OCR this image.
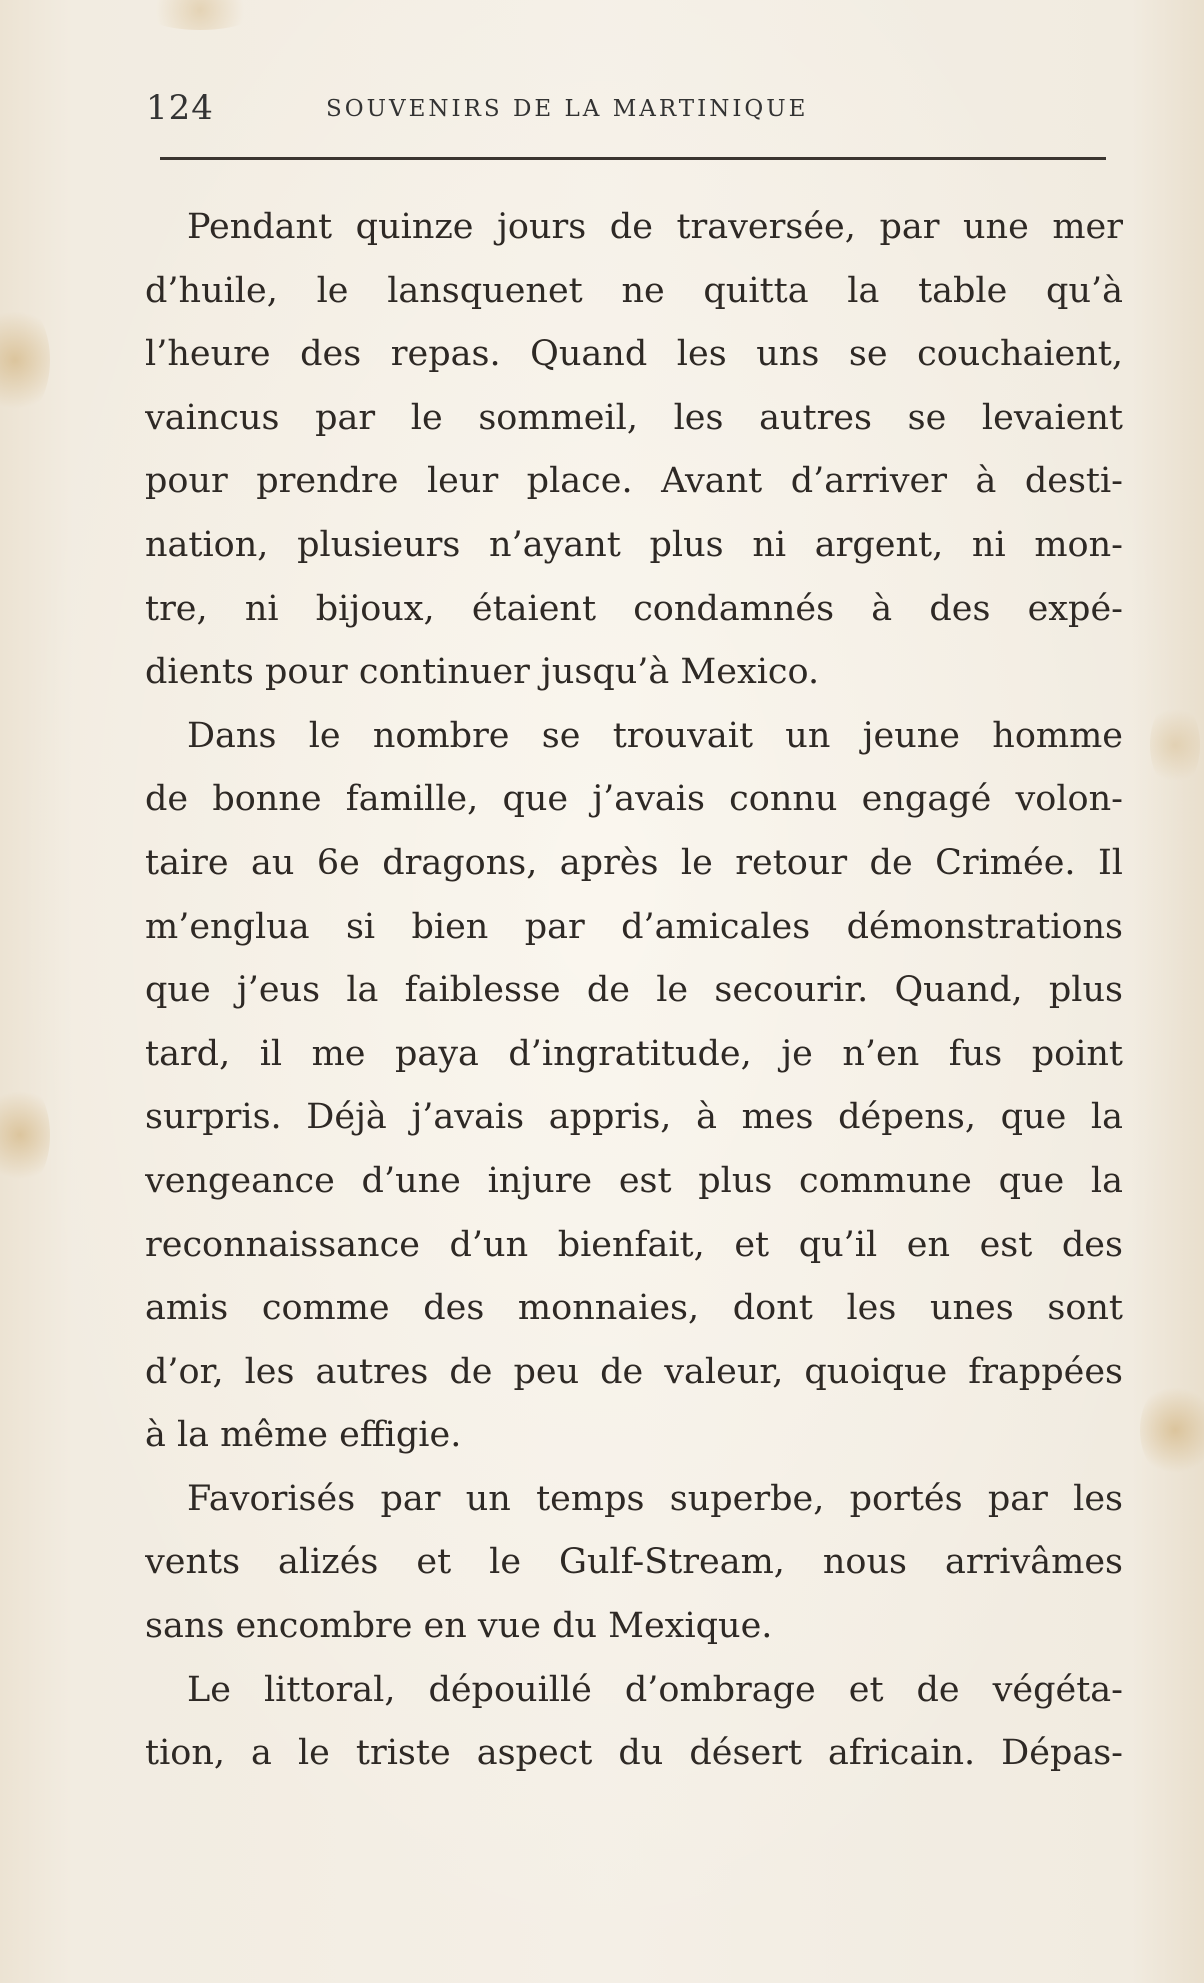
124	SOUVENIRS DE LA MARTINIQUE
Pendant quinze jours de traversée, par une mer
d’huile, le lansquenet ne quitta la table qu’à
l’heure des repas. Quand les uns se couchaient,
vaincus par le sommeil, les autres se levaient
pour prendre leur place. Avant d’arriver à desti-
nation, plusieurs n’ayant plus ni argent, ni mon-
tre, ni bijoux, étaient condamnés à des expé-
dients pour continuer jusqu’à Mexico.
Dans le nombre se trouvait un jeune homme
de bonne famille, que j’avais connu engagé volon-
taire au 6e dragons, après le retour de Crimée. Il
m’englua si bien par d’amicales démonstrations
que j’eus la faiblesse de le secourir. Quand, plus
tard, il me paya d’ingratitude, je n’en fus point
surpris. Déjà j’avais appris, à mes dépens, que la
vengeance d’une injure est plus commune que la
reconnaissance d’un bienfait, et qu’il en est des
amis comme des monnaies, dont les unes sont
d’or, les autres de peu de valeur, quoique frappées
à la même effigie.
Favorisés par un temps superbe, portés par les
vents alizés et le Gulf-Stream, nous arrivâmes
sans encombre en vue du Mexique.
Le littoral, dépouillé d’ombrage et de végéta-
tion, a le triste aspect du désert africain. Dépas-
